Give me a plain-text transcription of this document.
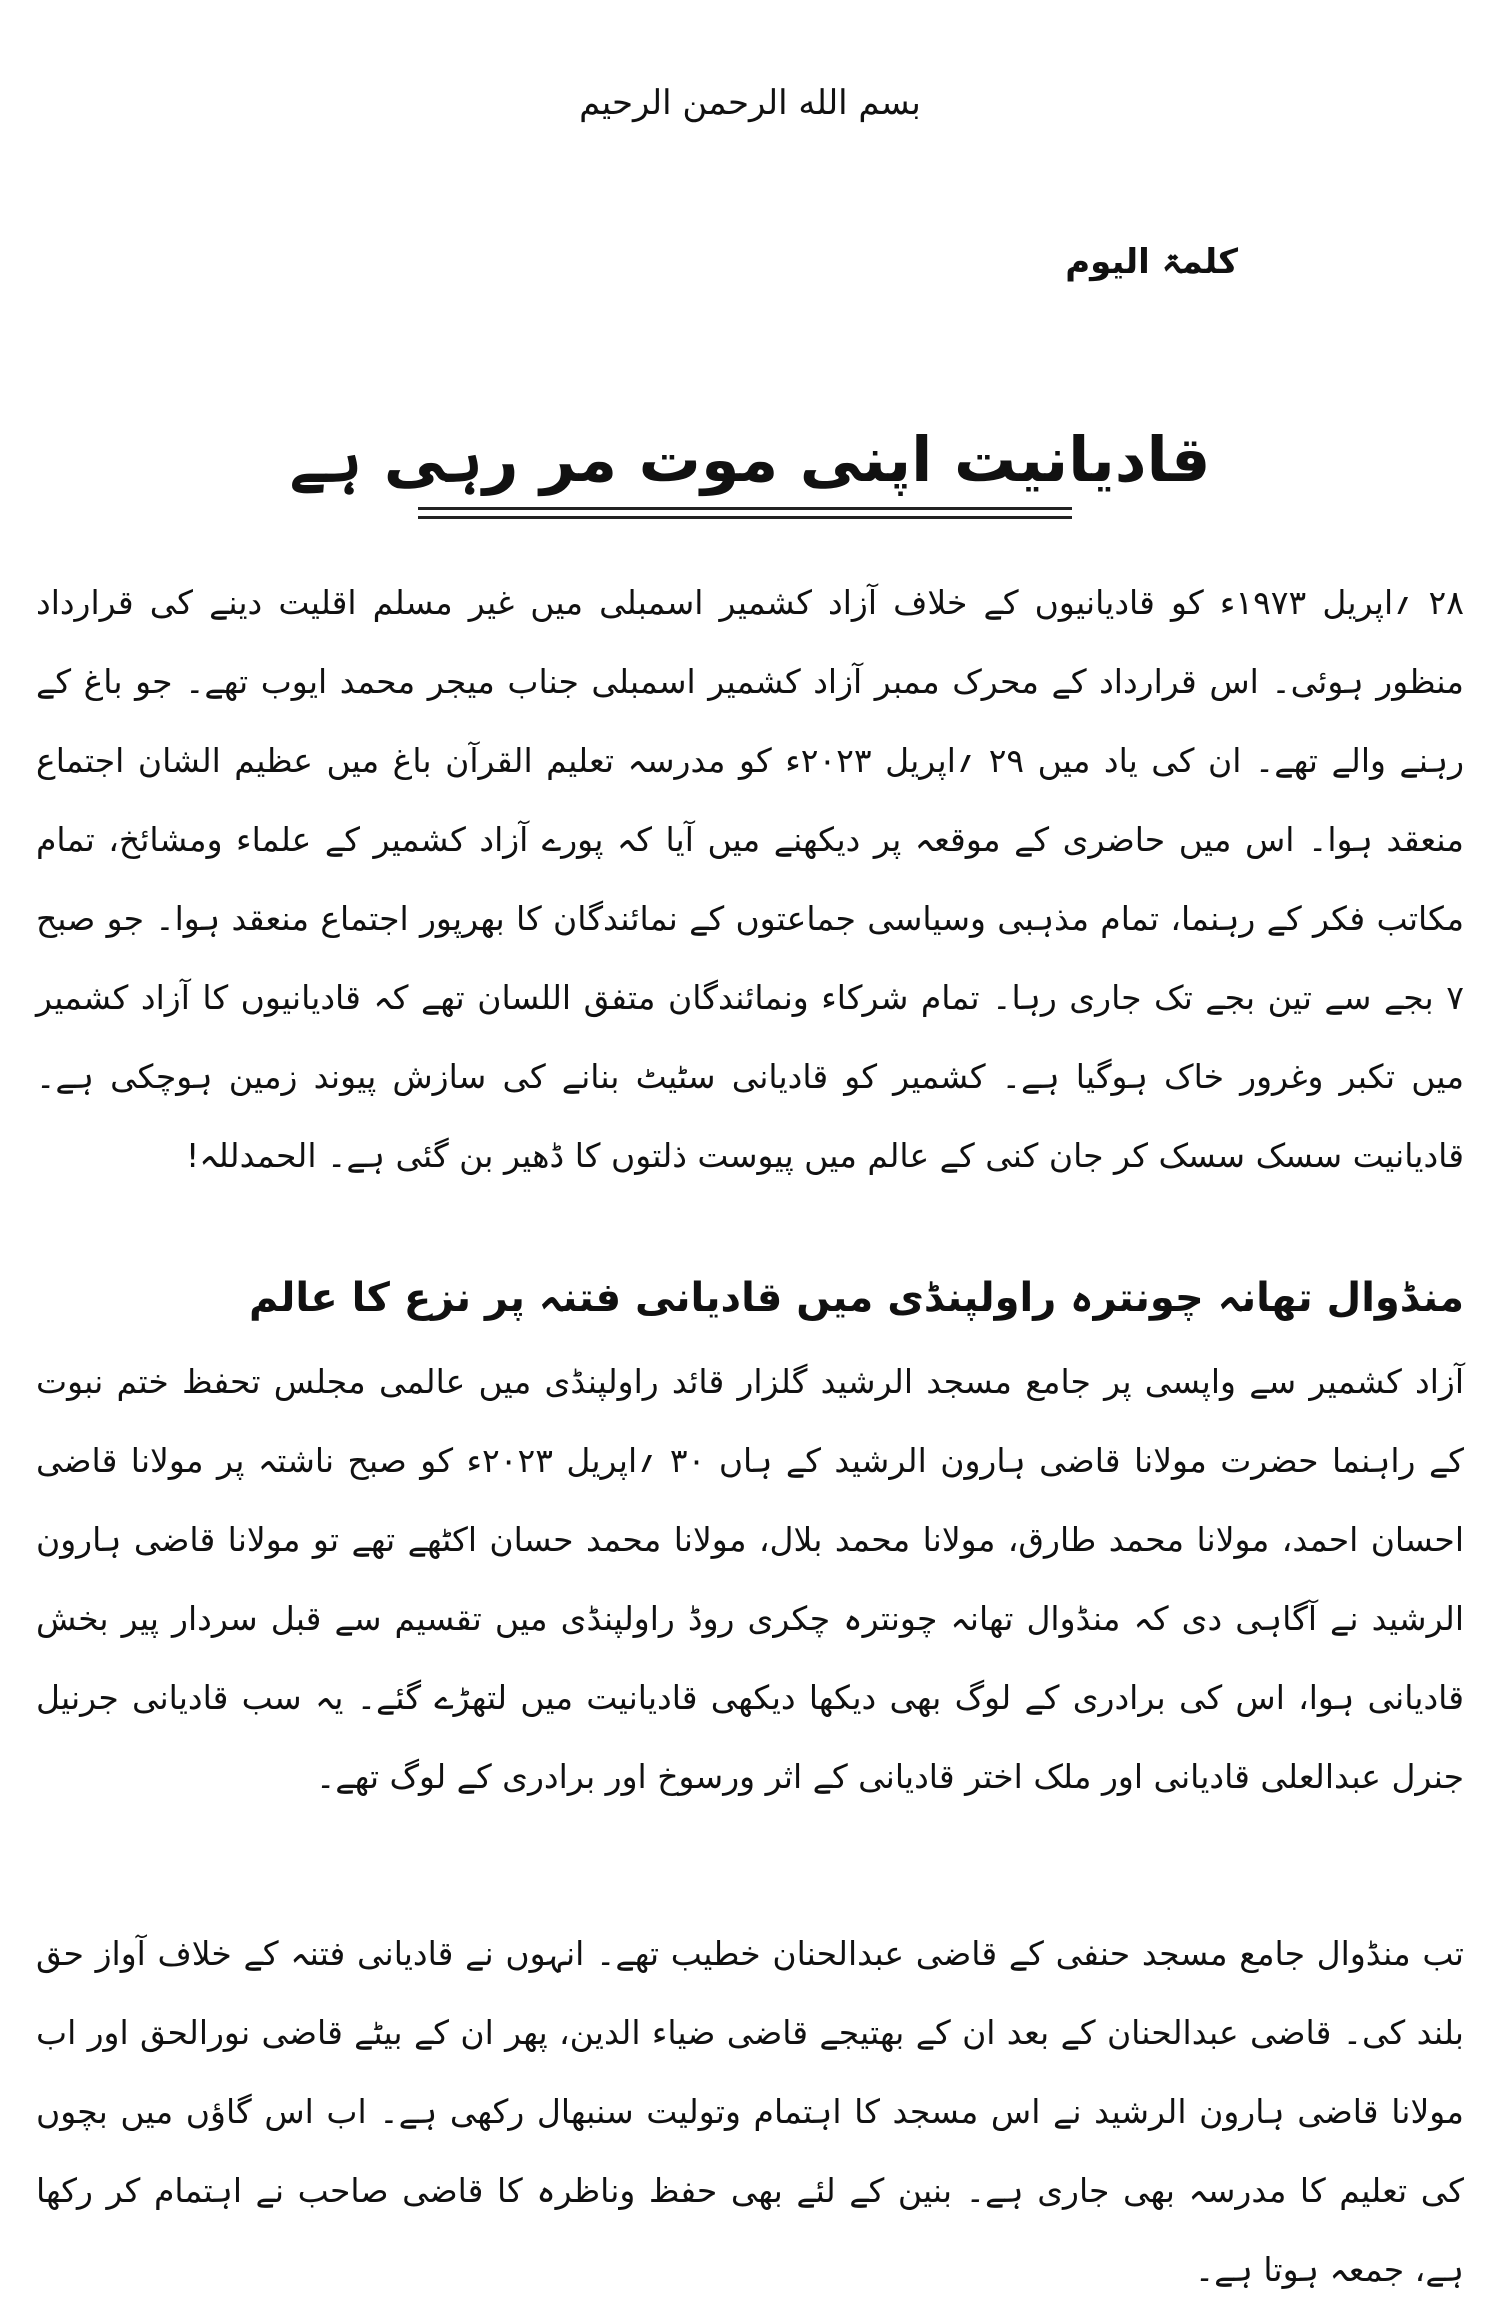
بسم الله الرحمن الرحيم
کلمۃ الیوم
قادیانیت اپنی موت مر رہی ہے

۲۸ ؍اپریل ۱۹۷۳ء کو قادیانیوں کے خلاف آزاد کشمیر اسمبلی میں غیر مسلم اقلیت دینے کی قرارداد منظور ہوئی۔ اس قرارداد کے محرک ممبر آزاد کشمیر اسمبلی جناب میجر محمد ایوب تھے۔ جو باغ کے رہنے والے تھے۔ ان کی یاد میں ۲۹ ؍اپریل ۲۰۲۳ء کو مدرسہ تعلیم القرآن باغ میں عظیم الشان اجتماع منعقد ہوا۔ اس میں حاضری کے موقعہ پر دیکھنے میں آیا کہ پورے آزاد کشمیر کے علماء ومشائخ، تمام مکاتب فکر کے رہنما، تمام مذہبی وسیاسی جماعتوں کے نمائندگان کا بھرپور اجتماع منعقد ہوا۔ جو صبح ۷ بجے سے تین بجے تک جاری رہا۔ تمام شرکاء ونمائندگان متفق اللسان تھے کہ قادیانیوں کا آزاد کشمیر میں تکبر وغرور خاک ہوگیا ہے۔ کشمیر کو قادیانی سٹیٹ بنانے کی سازش پیوند زمین ہوچکی ہے۔ قادیانیت سسک سسک کر جان کنی کے عالم میں پیوست ذلتوں کا ڈھیر بن گئی ہے۔ الحمدللہ!

منڈوال تھانہ چونترہ راولپنڈی میں قادیانی فتنہ پر نزع کا عالم

آزاد کشمیر سے واپسی پر جامع مسجد الرشید گلزار قائد راولپنڈی میں عالمی مجلس تحفظ ختم نبوت کے راہنما حضرت مولانا قاضی ہارون الرشید کے ہاں ۳۰ ؍اپریل ۲۰۲۳ء کو صبح ناشتہ پر مولانا قاضی احسان احمد، مولانا محمد طارق، مولانا محمد بلال، مولانا محمد حسان اکٹھے تھے تو مولانا قاضی ہارون الرشید نے آگاہی دی کہ منڈوال تھانہ چونترہ چکری روڈ راولپنڈی میں تقسیم سے قبل سردار پیر بخش قادیانی ہوا، اس کی برادری کے لوگ بھی دیکھا دیکھی قادیانیت میں لتھڑے گئے۔ یہ سب قادیانی جرنیل جنرل عبدالعلی قادیانی اور ملک اختر قادیانی کے اثر ورسوخ اور برادری کے لوگ تھے۔

تب منڈوال جامع مسجد حنفی کے قاضی عبدالحنان خطیب تھے۔ انہوں نے قادیانی فتنہ کے خلاف آواز حق بلند کی۔ قاضی عبدالحنان کے بعد ان کے بھتیجے قاضی ضیاء الدین، پھر ان کے بیٹے قاضی نورالحق اور اب مولانا قاضی ہارون الرشید نے اس مسجد کا اہتمام وتولیت سنبھال رکھی ہے۔ اب اس گاؤں میں بچوں کی تعلیم کا مدرسہ بھی جاری ہے۔ بنین کے لئے بھی حفظ وناظرہ کا قاضی صاحب نے اہتمام کر رکھا ہے، جمعہ ہوتا ہے۔
